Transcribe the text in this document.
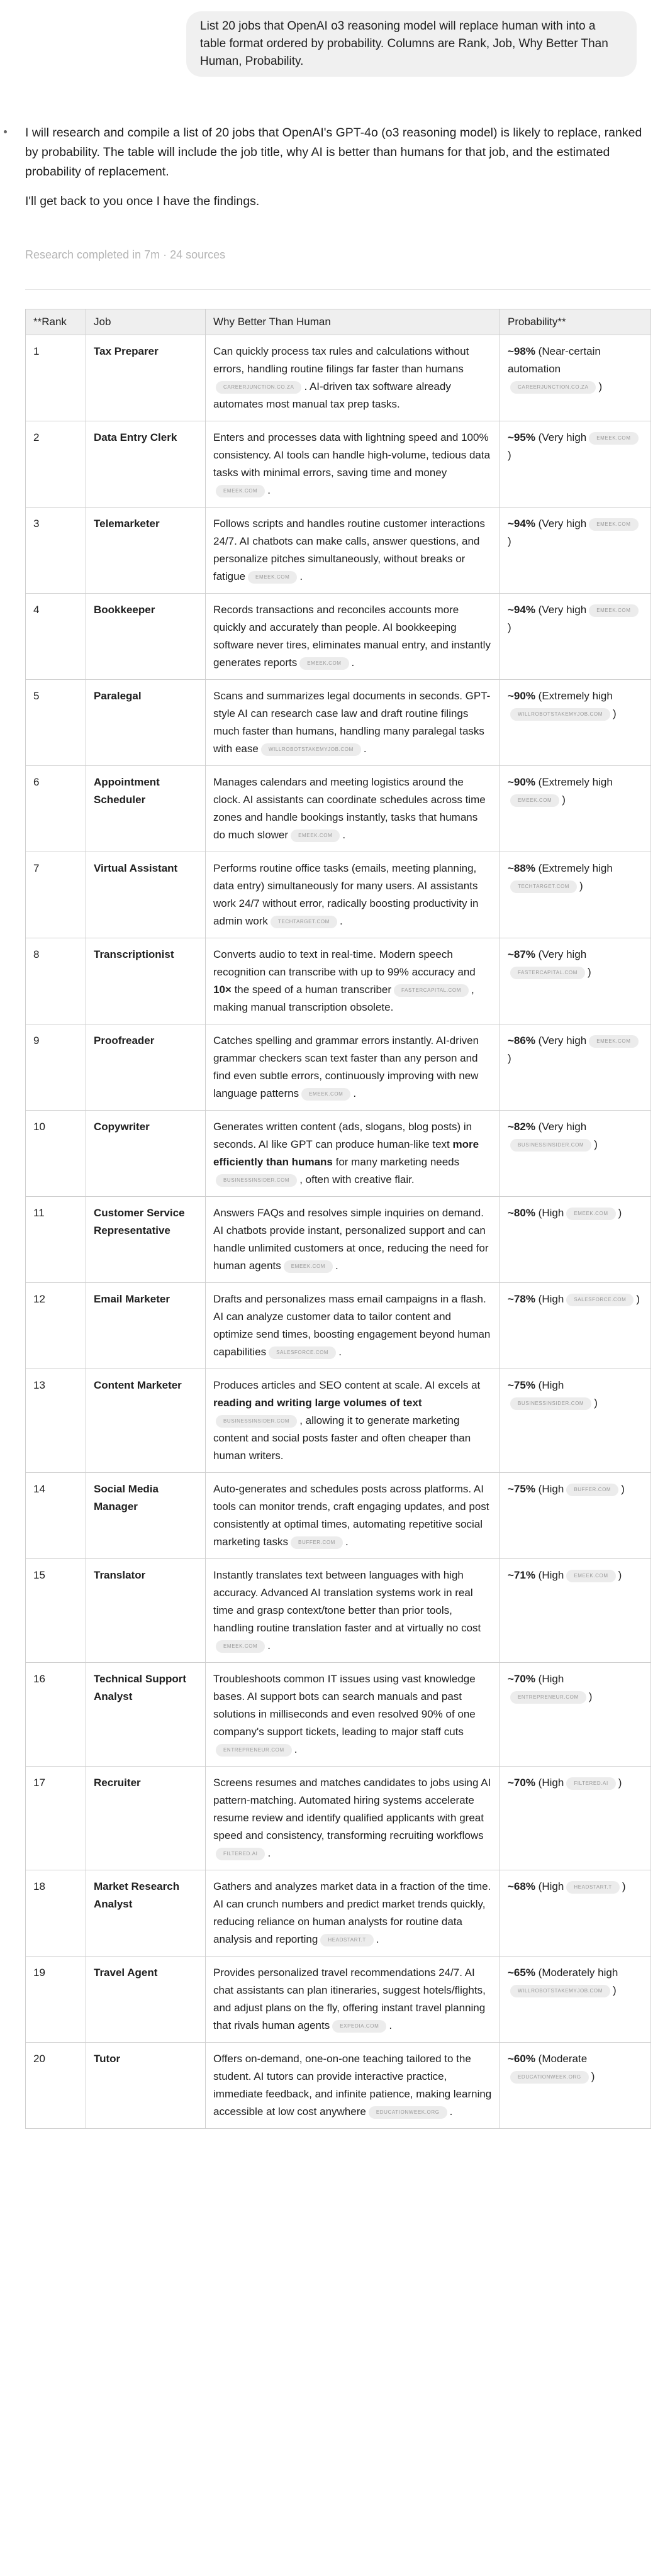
List 20 jobs that OpenAI o3 reasoning model will replace human with into a table format ordered by probability. Columns are Rank, Job, Why Better Than Human, Probability.

I will research and compile a list of 20 jobs that OpenAI's GPT-4o (o3 reasoning model) is likely to replace, ranked by probability. The table will include the job title, why AI is better than humans for that job, and the estimated probability of replacement.

I'll get back to you once I have the findings.

Research completed in 7m · 24 sources
**Rank	Job	Why Better Than Human	Probability**
1	Tax Preparer	Can quickly process tax rules and calculations without errors, handling routine filings far faster than humansCAREERJUNCTION.CO.ZA . AI-driven tax software already automates most manual tax prep tasks.	~98% (Near-certain automationCAREERJUNCTION.CO.ZA )
2	Data Entry Clerk	Enters and processes data with lightning speed and 100% consistency. AI tools can handle high-volume, tedious data tasks with minimal errors, saving time and moneyEMEEK.COM .	~95% (Very high EMEEK.COM)
3	Telemarketer	Follows scripts and handles routine customer interactions 24/7. AI chatbots can make calls, answer questions, and personalize pitches simultaneously, without breaks or fatigue EMEEK.COM .	~94% (Very high EMEEK.COM)
4	Bookkeeper	Records transactions and reconciles accounts more quickly and accurately than people. AI bookkeeping software never tires, eliminates manual entry, and instantly generates reports EMEEK.COM .	~94% (Very high EMEEK.COM)
5	Paralegal	Scans and summarizes legal documents in seconds. GPT-style AI can research case law and draft routine filings much faster than humans, handling many paralegal tasks with ease WILLROBOTSTAKEMYJOB.COM .	~90% (Extremely highWILLROBOTSTAKEMYJOB.COM )
6	Appointment Scheduler	Manages calendars and meeting logistics around the clock. AI assistants can coordinate schedules across time zones and handle bookings instantly, tasks that humans do much slower EMEEK.COM .	~90% (Extremely highEMEEK.COM )
7	Virtual Assistant	Performs routine office tasks (emails, meeting planning, data entry) simultaneously for many users. AI assistants work 24/7 without error, radically boosting productivity in admin work TECHTARGET.COM .	~88% (Extremely highTECHTARGET.COM )
8	Transcriptionist	Converts audio to text in real-time. Modern speech recognition can transcribe with up to 99% accuracy and 10× the speed of a human transcriber FASTERCAPITAL.COM , making manual transcription obsolete.	~87% (Very highFASTERCAPITAL.COM )
9	Proofreader	Catches spelling and grammar errors instantly. AI-driven grammar checkers scan text faster than any person and find even subtle errors, continuously improving with new language patterns EMEEK.COM .	~86% (Very high EMEEK.COM)
10	Copywriter	Generates written content (ads, slogans, blog posts) in seconds. AI like GPT can produce human-like text more efficiently than humans for many marketing needsBUSINESSINSIDER.COM , often with creative flair.	~82% (Very highBUSINESSINSIDER.COM )
11	Customer Service Representative	Answers FAQs and resolves simple inquiries on demand. AI chatbots provide instant, personalized support and can handle unlimited customers at once, reducing the need for human agents EMEEK.COM .	~80% (High EMEEK.COM )
12	Email Marketer	Drafts and personalizes mass email campaigns in a flash. AI can analyze customer data to tailor content and optimize send times, boosting engagement beyond human capabilities SALESFORCE.COM .	~78% (High SALESFORCE.COM )
13	Content Marketer	Produces articles and SEO content at scale. AI excels at reading and writing large volumes of textBUSINESSINSIDER.COM , allowing it to generate marketing content and social posts faster and often cheaper than human writers.	~75% (HighBUSINESSINSIDER.COM )
14	Social Media Manager	Auto-generates and schedules posts across platforms. AI tools can monitor trends, craft engaging updates, and post consistently at optimal times, automating repetitive social marketing tasks BUFFER.COM .	~75% (High BUFFER.COM )
15	Translator	Instantly translates text between languages with high accuracy. Advanced AI translation systems work in real time and grasp context/tone better than prior tools, handling routine translation faster and at virtually no costEMEEK.COM .	~71% (High EMEEK.COM )
16	Technical Support Analyst	Troubleshoots common IT issues using vast knowledge bases. AI support bots can search manuals and past solutions in milliseconds and even resolved 90% of one company's support tickets, leading to major staff cutsENTREPRENEUR.COM .	~70% (HighENTREPRENEUR.COM )
17	Recruiter	Screens resumes and matches candidates to jobs using AI pattern-matching. Automated hiring systems accelerate resume review and identify qualified applicants with great speed and consistency, transforming recruiting workflowsFILTERED.AI .	~70% (High FILTERED.AI )
18	Market Research Analyst	Gathers and analyzes market data in a fraction of the time. AI can crunch numbers and predict market trends quickly, reducing reliance on human analysts for routine data analysis and reporting HEADSTART.T .	~68% (High HEADSTART.T )
19	Travel Agent	Provides personalized travel recommendations 24/7. AI chat assistants can plan itineraries, suggest hotels/flights, and adjust plans on the fly, offering instant travel planning that rivals human agents EXPEDIA.COM .	~65% (Moderately highWILLROBOTSTAKEMYJOB.COM )
20	Tutor	Offers on-demand, one-on-one teaching tailored to the student. AI tutors can provide interactive practice, immediate feedback, and infinite patience, making learning accessible at low cost anywhere EDUCATIONWEEK.ORG .	~60% (ModerateEDUCATIONWEEK.ORG )
